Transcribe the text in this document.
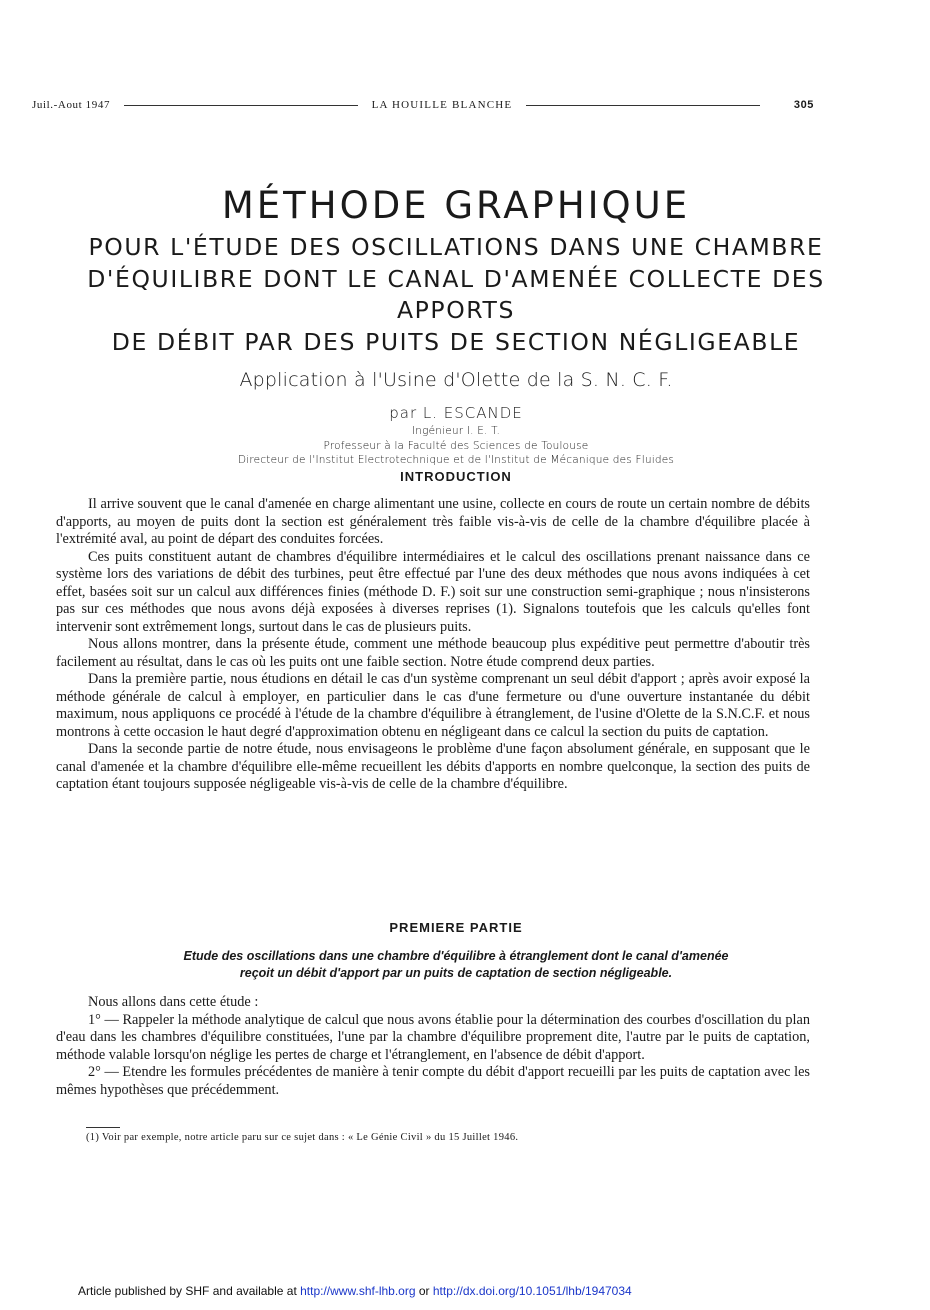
Juil.-Aout 1947	LA HOUILLE BLANCHE	305
MÉTHODE GRAPHIQUE

POUR L'ÉTUDE DES OSCILLATIONS DANS UNE CHAMBRE

D'ÉQUILIBRE DONT LE CANAL D'AMENÉE COLLECTE DES APPORTS

DE DÉBIT PAR DES PUITS DE SECTION NÉGLIGEABLE

Application à l'Usine d'Olette de la S. N. C. F.

par L. ESCANDE

Ingénieur I. E. T.

Professeur à la Faculté des Sciences de Toulouse

Directeur de l'Institut Electrotechnique et de l'Institut de Mécanique des Fluides

INTRODUCTION

Il arrive souvent que le canal d'amenée en charge alimentant une usine, collecte en cours de route un certain nombre de débits d'apports, au moyen de puits dont la section est généralement très faible vis-à-vis de celle de la chambre d'équilibre placée à l'extrémité aval, au point de départ des conduites forcées.

Ces puits constituent autant de chambres d'équilibre intermédiaires et le calcul des oscillations prenant naissance dans ce système lors des variations de débit des turbines, peut être effectué par l'une des deux méthodes que nous avons indiquées à cet effet, basées soit sur un calcul aux différences finies (méthode D. F.) soit sur une construction semi-graphique ; nous n'insisterons pas sur ces méthodes que nous avons déjà exposées à diverses reprises (1). Signalons toutefois que les calculs qu'elles font intervenir sont extrêmement longs, surtout dans le cas de plusieurs puits.

Nous allons montrer, dans la présente étude, comment une méthode beaucoup plus expéditive peut permettre d'aboutir très facilement au résultat, dans le cas où les puits ont une faible section. Notre étude comprend deux parties.

Dans la première partie, nous étudions en détail le cas d'un système comprenant un seul débit d'apport ; après avoir exposé la méthode générale de calcul à employer, en particulier dans le cas d'une fermeture ou d'une ouverture instantanée du débit maximum, nous appliquons ce procédé à l'étude de la chambre d'équilibre à étranglement, de l'usine d'Olette de la S.N.C.F. et nous montrons à cette occasion le haut degré d'approximation obtenu en négligeant dans ce calcul la section du puits de captation.

Dans la seconde partie de notre étude, nous envisageons le problème d'une façon absolument générale, en supposant que le canal d'amenée et la chambre d'équilibre elle-même recueillent les débits d'apports en nombre quelconque, la section des puits de captation étant toujours supposée négligeable vis-à-vis de celle de la chambre d'équilibre.

PREMIERE PARTIE
Etude des oscillations dans une chambre d'équilibre à étranglement dont le canal d'amenée
reçoit un débit d'apport par un puits de captation de section négligeable.

Nous allons dans cette étude :

1° — Rappeler la méthode analytique de calcul que nous avons établie pour la détermination des courbes d'oscillation du plan d'eau dans les chambres d'équilibre constituées, l'une par la chambre d'équilibre proprement dite, l'autre par le puits de captation, méthode valable lorsqu'on néglige les pertes de charge et l'étranglement, en l'absence de débit d'apport.

2° — Etendre les formules précédentes de manière à tenir compte du débit d'apport recueilli par les puits de captation avec les mêmes hypothèses que précédemment.

(1) Voir par exemple, notre article paru sur ce sujet dans : « Le Génie Civil » du 15 Juillet 1946.
Article published by SHF and available at http://www.shf-lhb.org or http://dx.doi.org/10.1051/lhb/1947034
